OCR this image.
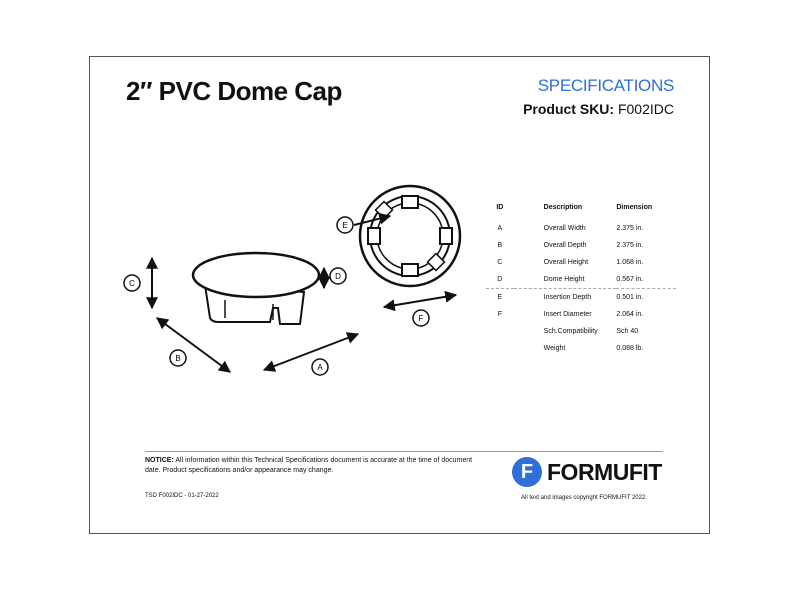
2″ PVC Dome Cap	SPECIFICATIONS
Product SKU: F002IDC
C
D
B
A
F
E
ID	Description	Dimension
A	Overall Width	2.375 in.
B	Overall Depth	2.375 in.
C	Overall Height	1.068 in.
D	Dome Height	0.567 in.
E	Insertion Depth	0.501 in.
F	Insert Diameter	2.064 in.
	Sch.Compatibility	Sch 40
	Weight	0.088 lb.
NOTICE: All information within this Technical Specifications document is accurate at the time of document date. Product specifications and/or appearance may change.	F FORMUFIT
TSD F002IDC - 01-27-2022	All text and images copyright FORMUFIT 2022.
